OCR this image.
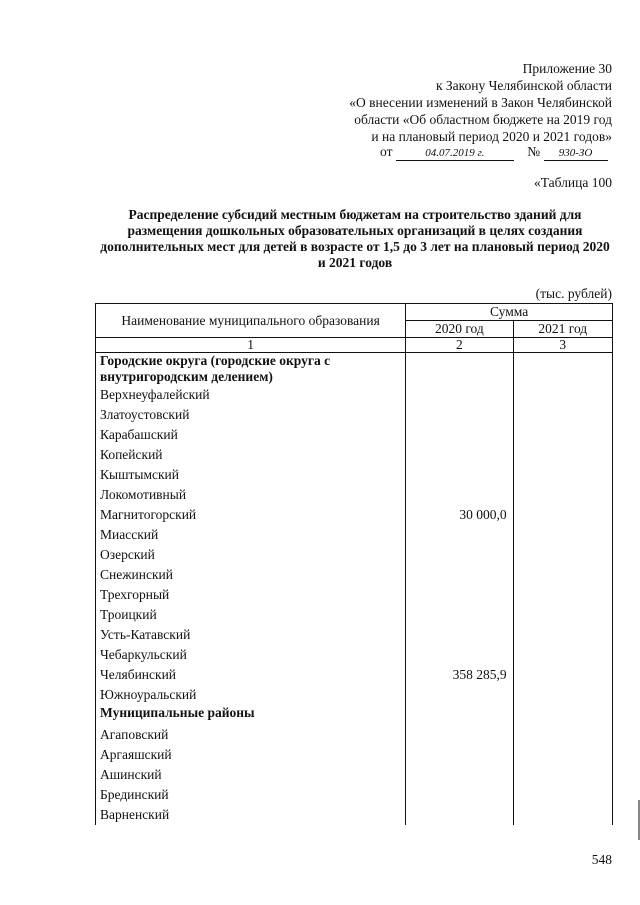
Приложение 30
к Закону Челябинской области
«О внесении изменений в Закон Челябинской
области «Об областном бюджете на 2019 год
и на плановый период 2020 и 2021 годов»
от	04.07.2019 г.	№ 930-ЗО
«Таблица 100
Распределение субсидий местным бюджетам на строительство зданий для размещения дошкольных образовательных организаций в целях создания дополнительных мест для детей в возрасте от 1,5 до 3 лет на плановый период 2020 и 2021 годов
(тыс. рублей)
Наименование муниципального образования	Сумма	
	2020 год	2021 год
1	2	3
Городские округа (городские округа с внутригородским делением)		
Верхнеуфалейский		
Златоустовский		
Карабашский		
Копейский		
Кыштымский		
Локомотивный		
Магнитогорский	30 000,0	
Миасский		
Озерский		
Снежинский		
Трехгорный		
Троицкий		
Усть-Катавский		
Чебаркульский		
Челябинский	358 285,9	
Южноуральский		
Муниципальные районы		
Агаповский		
Аргаяшский		
Ашинский		
Брединский		
Варненский		
548
